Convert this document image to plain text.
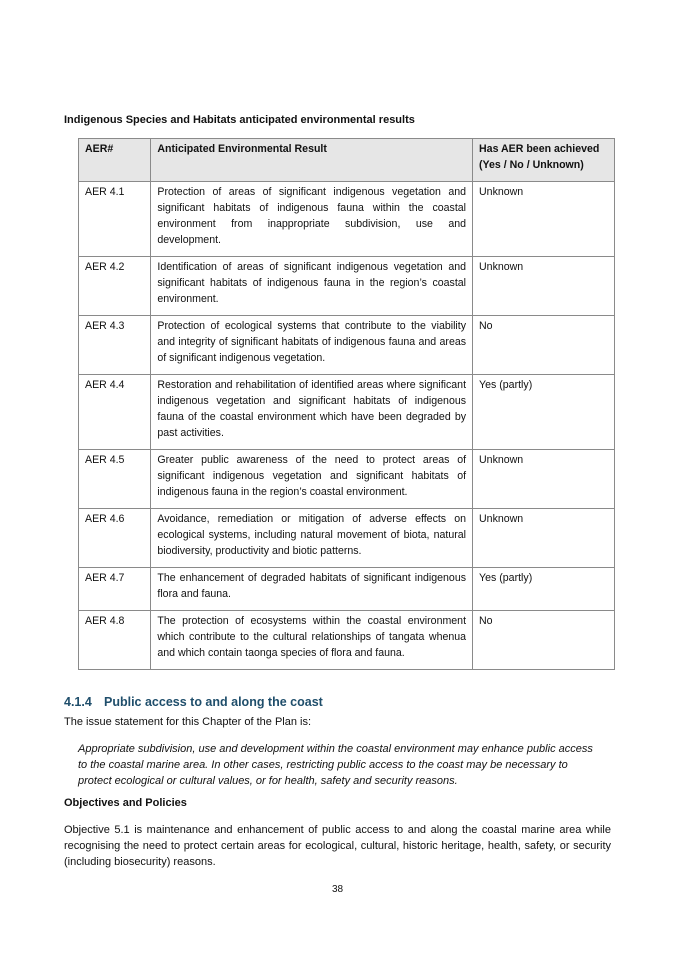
Indigenous Species and Habitats anticipated environmental results
AER#	Anticipated Environmental Result	Has AER been achieved (Yes / No / Unknown)
AER 4.1	Protection of areas of significant indigenous vegetation and significant habitats of indigenous fauna within the coastal environment from inappropriate subdivision, use and development.	Unknown
AER 4.2	Identification of areas of significant indigenous vegetation and significant habitats of indigenous fauna in the region’s coastal environment.	Unknown
AER 4.3	Protection of ecological systems that contribute to the viability and integrity of significant habitats of indigenous fauna and areas of significant indigenous vegetation.	No
AER 4.4	Restoration and rehabilitation of identified areas where significant indigenous vegetation and significant habitats of indigenous fauna of the coastal environment which have been degraded by past activities.	Yes (partly)
AER 4.5	Greater public awareness of the need to protect areas of significant indigenous vegetation and significant habitats of indigenous fauna in the region’s coastal environment.	Unknown
AER 4.6	Avoidance, remediation or mitigation of adverse effects on ecological systems, including natural movement of biota, natural biodiversity, productivity and biotic patterns.	Unknown
AER 4.7	The enhancement of degraded habitats of significant indigenous flora and fauna.	Yes (partly)
AER 4.8	The protection of ecosystems within the coastal environment which contribute to the cultural relationships of tangata whenua and which contain taonga species of flora and fauna.	No
4.1.4 Public access to and along the coast
The issue statement for this Chapter of the Plan is:
Appropriate subdivision, use and development within the coastal environment may enhance public access to the coastal marine area. In other cases, restricting public access to the coast may be necessary to protect ecological or cultural values, or for health, safety and security reasons.
Objectives and Policies
Objective 5.1 is maintenance and enhancement of public access to and along the coastal marine area while recognising the need to protect certain areas for ecological, cultural, historic heritage, health, safety, or security (including biosecurity) reasons.
38
